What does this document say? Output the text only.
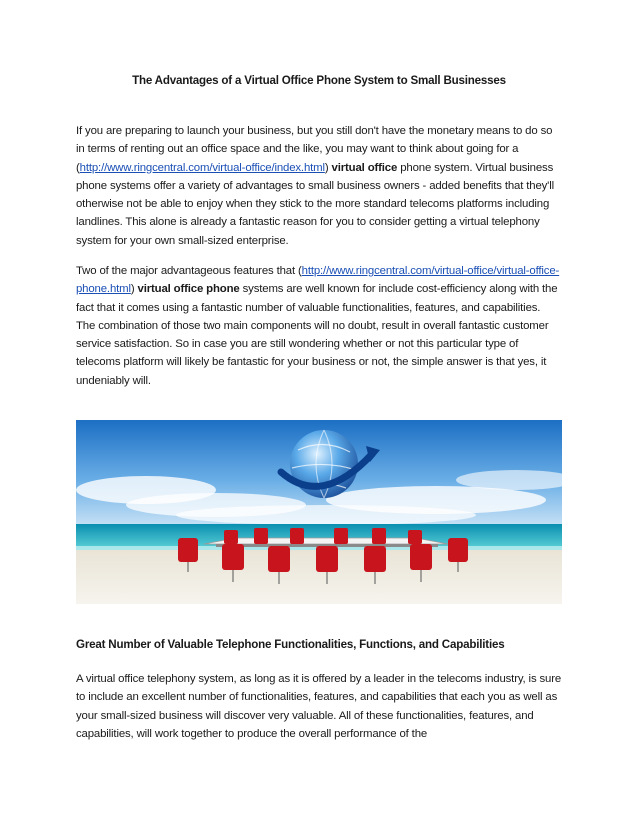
The Advantages of a Virtual Office Phone System to Small Businesses

If you are preparing to launch your business, but you still don't have the monetary means to do so in terms of renting out an office space and the like, you may want to think about going for a (http://www.ringcentral.com/virtual-office/index.html) virtual office phone system. Virtual business phone systems offer a variety of advantages to small business owners - added benefits that they'll otherwise not be able to enjoy when they stick to the more standard telecoms platforms including landlines. This alone is already a fantastic reason for you to consider getting a virtual telephony system for your own small-sized enterprise.

Two of the major advantageous features that (http://www.ringcentral.com/virtual-office/virtual-office-phone.html) virtual office phone systems are well known for include cost-efficiency along with the fact that it comes using a fantastic number of valuable functionalities, features, and capabilities. The combination of those two main components will no doubt, result in overall fantastic customer service satisfaction. So in case you are still wondering whether or not this particular type of telecoms platform will likely be fantastic for your business or not, the simple answer is that yes, it undeniably will.

Great Number of Valuable Telephone Functionalities, Functions, and Capabilities

A virtual office telephony system, as long as it is offered by a leader in the telecoms industry, is sure to include an excellent number of functionalities, features, and capabilities that each you as well as your small-sized business will discover very valuable. All of these functionalities, features, and capabilities, will work together to produce the overall performance of the
